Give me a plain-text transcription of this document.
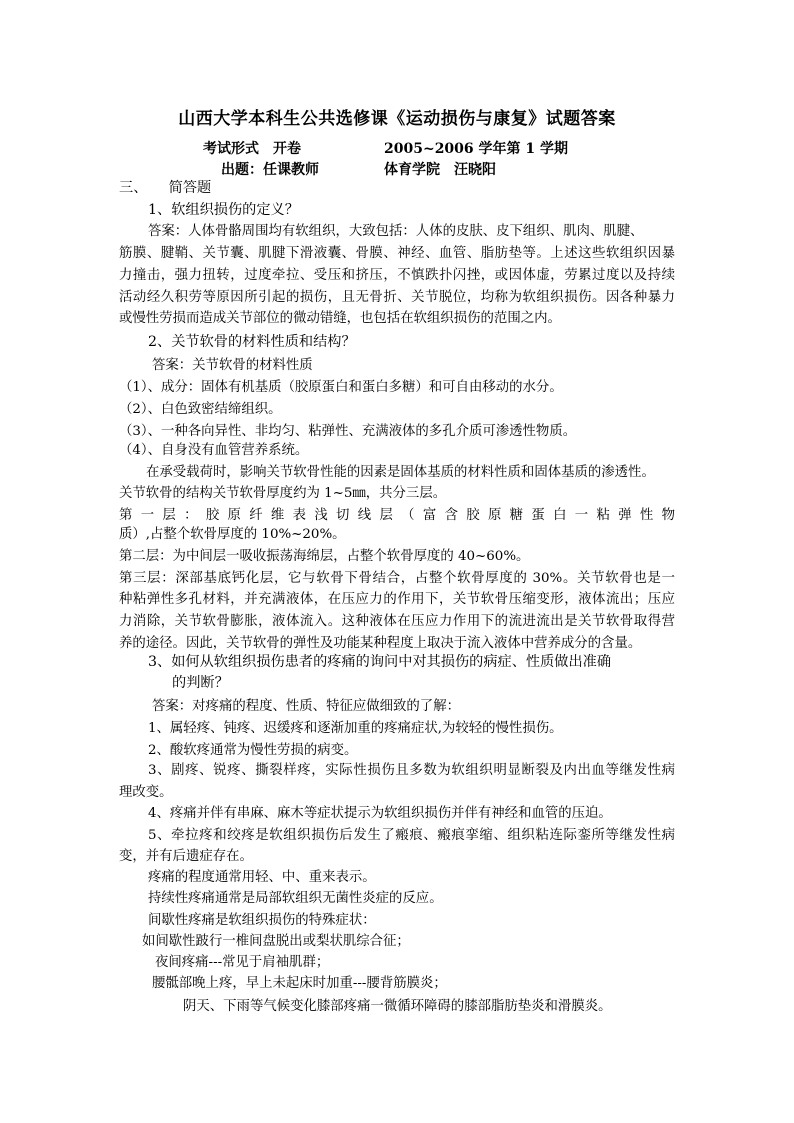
山西大学本科生公共选修课《运动损伤与康复》试题答案
考试形式　开卷	2005~2006 学年第 1 学期
出题：任课教师	体育学院　汪晓阳
三、　　简答题
1、软组织损伤的定义？
答案：人体骨骼周围均有软组织，大致包括：人体的皮肤、皮下组织、肌肉、肌腱、
筋膜、腱鞘、关节囊、肌腱下滑液囊、骨膜、神经、血管、脂肪垫等。上述这些软组织因暴
力撞击，强力扭转，过度牵拉、受压和挤压，不慎跌扑闪挫，或因体虚，劳累过度以及持续
活动经久积劳等原因所引起的损伤，且无骨折、关节脱位，均称为软组织损伤。因各种暴力
或慢性劳损而造成关节部位的微动错缝，也包括在软组织损伤的范围之内。
2、关节软骨的材料性质和结构？
答案：关节软骨的材料性质
（1）、成分：固体有机基质（胶原蛋白和蛋白多糖）和可自由移动的水分。
（2）、白色致密结缔组织。
（3）、一种各向异性、非均匀、粘弹性、充满液体的多孔介质可渗透性物质。
（4）、自身没有血管营养系统。
在承受载荷时，影响关节软骨性能的因素是固体基质的材料性质和固体基质的渗透性。
关节软骨的结构关节软骨厚度约为 1~5㎜，共分三层。
第一层：胶原纤维表浅切线层（富含胶原糖蛋白一粘弹性物
质）,占整个软骨厚度的 10%~20%。
第二层：为中间层一吸收振荡海绵层，占整个软骨厚度的 40~60%。
第三层：深部基底钙化层，它与软骨下骨结合，占整个软骨厚度的 30%。关节软骨也是一
种粘弹性多孔材料，并充满液体，在压应力的作用下，关节软骨压缩变形，液体流出；压应
力消除，关节软骨膨胀，液体流入。这种液体在压应力作用下的流进流出是关节软骨取得营
养的途径。因此，关节软骨的弹性及功能某种程度上取决于流入液体中营养成分的含量。
3、如何从软组织损伤患者的疼痛的询问中对其损伤的病症、性质做出准确
的判断？
答案：对疼痛的程度、性质、特征应做细致的了解：
1、属轻疼、钝疼、迟缓疼和逐渐加重的疼痛症状,为较轻的慢性损伤。
2、酸软疼通常为慢性劳损的病变。
3、剧疼、锐疼、撕裂样疼，实际性损伤且多数为软组织明显断裂及内出血等继发性病
理改变。
4、疼痛并伴有串麻、麻木等症状提示为软组织损伤并伴有神经和血管的压迫。
5、牵拉疼和绞疼是软组织损伤后发生了瘢痕、瘢痕挛缩、组织粘连际銮所等继发性病
变，并有后遗症存在。
疼痛的程度通常用轻、中、重来表示。
持续性疼痛通常是局部软组织无菌性炎症的反应。
间歇性疼痛是软组织损伤的特殊症状：
如间歇性跛行一椎间盘脱出或梨状肌综合征；
夜间疼痛---常见于肩袖肌群；
腰骶部晚上疼，早上未起床时加重---腰背筋膜炎；
阴天、下雨等气候变化膝部疼痛一微循环障碍的膝部脂肪垫炎和滑膜炎。
